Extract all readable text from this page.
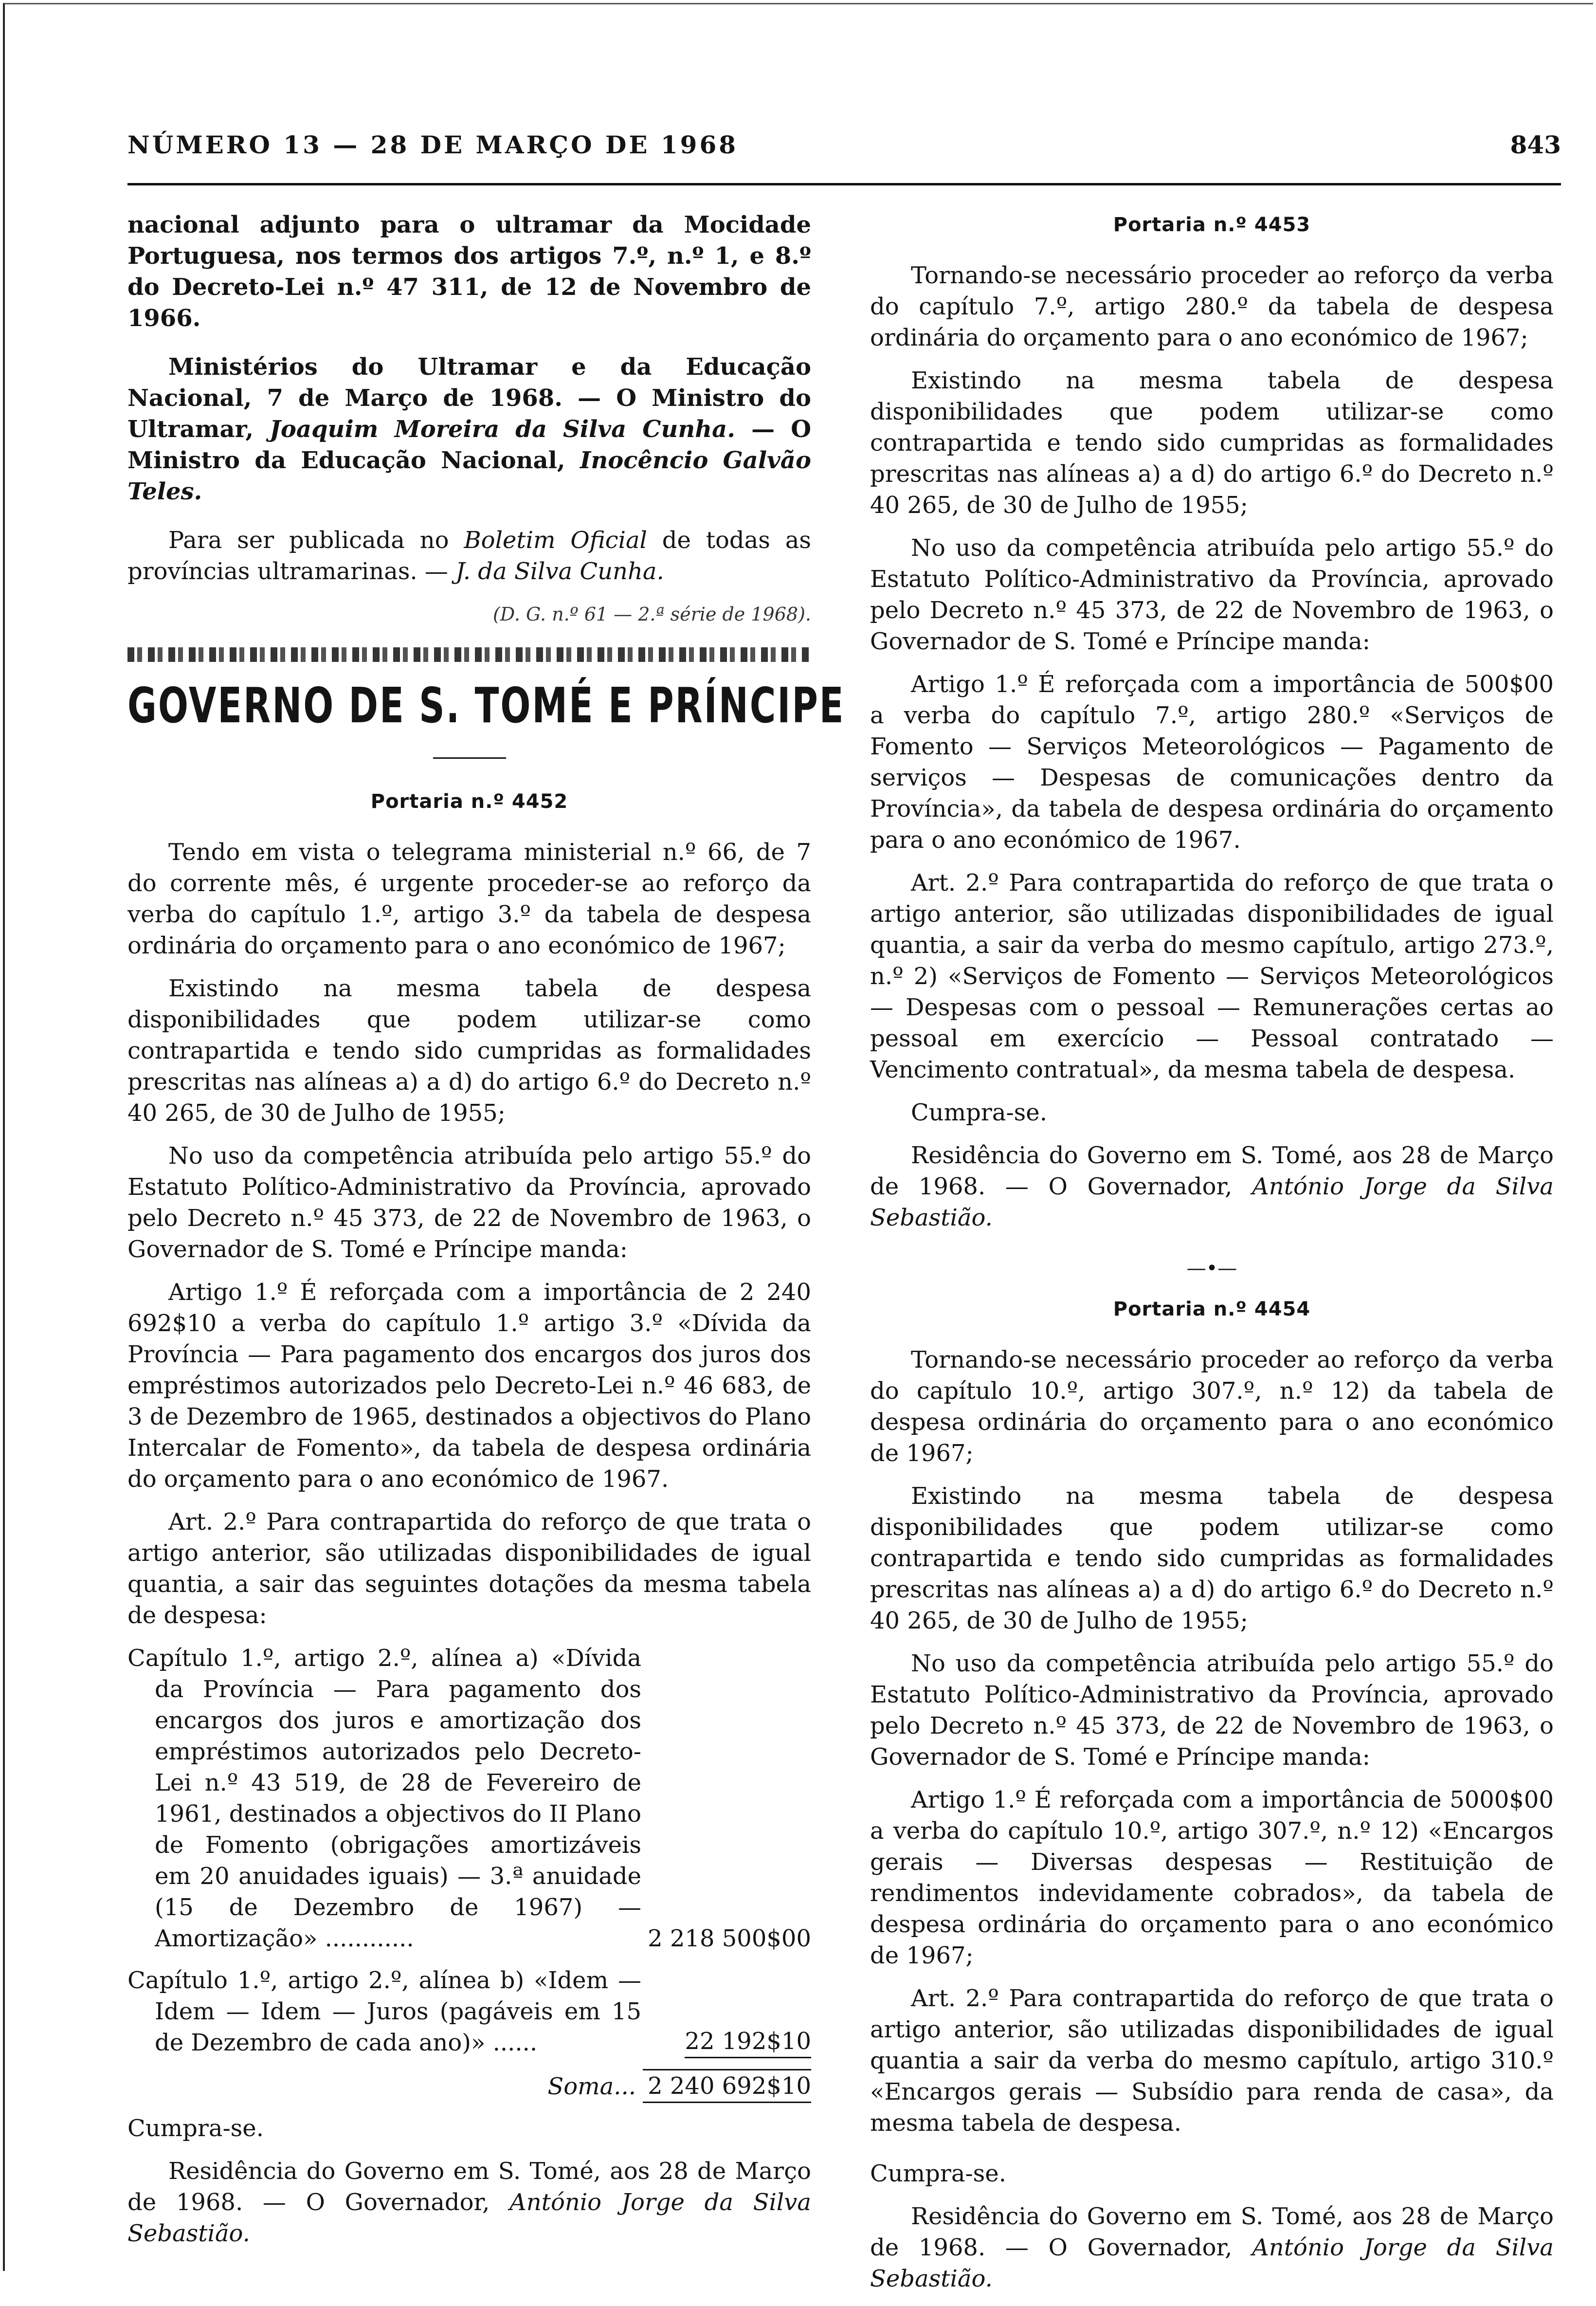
NÚMERO 13 — 28 DE MARÇO DE 1968	843

nacional adjunto para o ultramar da Mocidade Portuguesa, nos termos dos artigos 7.º, n.º 1, e 8.º do Decreto-Lei n.º 47 311, de 12 de Novembro de 1966.

Ministérios do Ultramar e da Educação Nacional, 7 de Março de 1968. — O Ministro do Ultramar, Joaquim Moreira da Silva Cunha. — O Ministro da Educação Nacional, Inocêncio Galvão Teles.

Para ser publicada no Boletim Oficial de todas as províncias ultramarinas. — J. da Silva Cunha.

(D. G. n.º 61 — 2.ª série de 1968).

GOVERNO DE S. TOMÉ E PRÍNCIPE
Portaria n.º 4452

Tendo em vista o telegrama ministerial n.º 66, de 7 do corrente mês, é urgente proceder-se ao reforço da verba do capítulo 1.º, artigo 3.º da tabela de despesa ordinária do orçamento para o ano económico de 1967;

Existindo na mesma tabela de despesa disponibilidades que podem utilizar-se como contrapartida e tendo sido cumpridas as formalidades prescritas nas alíneas a) a d) do artigo 6.º do Decreto n.º 40 265, de 30 de Julho de 1955;

No uso da competência atribuída pelo artigo 55.º do Estatuto Político-Administrativo da Província, aprovado pelo Decreto n.º 45 373, de 22 de Novembro de 1963, o Governador de S. Tomé e Príncipe manda:

Artigo 1.º É reforçada com a importância de 2 240 692$10 a verba do capítulo 1.º artigo 3.º «Dívida da Província — Para pagamento dos encargos dos juros dos empréstimos autorizados pelo Decreto-Lei n.º 46 683, de 3 de Dezembro de 1965, destinados a objectivos do Plano Intercalar de Fomento», da tabela de despesa ordinária do orçamento para o ano económico de 1967.

Art. 2.º Para contrapartida do reforço de que trata o artigo anterior, são utilizadas disponibilidades de igual quantia, a sair das seguintes dotações da mesma tabela de despesa:

Capítulo 1.º, artigo 2.º, alínea a) «Dívida da Província — Para pagamento dos encargos dos juros e amortização dos empréstimos autorizados pelo Decreto-Lei n.º 43 519, de 28 de Fevereiro de 1961, destinados a objectivos do II Plano de Fomento (obrigações amortizáveis em 20 anuidades iguais) — 3.ª anuidade (15 de Dezembro de 1967) — Amortização» ............	2 218 500$00
Capítulo 1.º, artigo 2.º, alínea b) «Idem — Idem — Idem — Juros (pagáveis em 15 de Dezembro de cada ano)» ......	22 192$10
Soma... 2 240 692$10

Cumpra-se.

Residência do Governo em S. Tomé, aos 28 de Março de 1968. — O Governador, António Jorge da Silva Sebastião.

Portaria n.º 4453

Tornando-se necessário proceder ao reforço da verba do capítulo 7.º, artigo 280.º da tabela de despesa ordinária do orçamento para o ano económico de 1967;

Existindo na mesma tabela de despesa disponibilidades que podem utilizar-se como contrapartida e tendo sido cumpridas as formalidades prescritas nas alíneas a) a d) do artigo 6.º do Decreto n.º 40 265, de 30 de Julho de 1955;

No uso da competência atribuída pelo artigo 55.º do Estatuto Político-Administrativo da Província, aprovado pelo Decreto n.º 45 373, de 22 de Novembro de 1963, o Governador de S. Tomé e Príncipe manda:

Artigo 1.º É reforçada com a importância de 500$00 a verba do capítulo 7.º, artigo 280.º «Serviços de Fomento — Serviços Meteorológicos — Pagamento de serviços — Despesas de comunicações dentro da Província», da tabela de despesa ordinária do orçamento para o ano económico de 1967.

Art. 2.º Para contrapartida do reforço de que trata o artigo anterior, são utilizadas disponibilidades de igual quantia, a sair da verba do mesmo capítulo, artigo 273.º, n.º 2) «Serviços de Fomento — Serviços Meteorológicos — Despesas com o pessoal — Remunerações certas ao pessoal em exercício — Pessoal contratado — Vencimento contratual», da mesma tabela de despesa.

Cumpra-se.

Residência do Governo em S. Tomé, aos 28 de Março de 1968. — O Governador, António Jorge da Silva Sebastião.

—•—
Portaria n.º 4454

Tornando-se necessário proceder ao reforço da verba do capítulo 10.º, artigo 307.º, n.º 12) da tabela de despesa ordinária do orçamento para o ano económico de 1967;

Existindo na mesma tabela de despesa disponibilidades que podem utilizar-se como contrapartida e tendo sido cumpridas as formalidades prescritas nas alíneas a) a d) do artigo 6.º do Decreto n.º 40 265, de 30 de Julho de 1955;

No uso da competência atribuída pelo artigo 55.º do Estatuto Político-Administrativo da Província, aprovado pelo Decreto n.º 45 373, de 22 de Novembro de 1963, o Governador de S. Tomé e Príncipe manda:

Artigo 1.º É reforçada com a importância de 5000$00 a verba do capítulo 10.º, artigo 307.º, n.º 12) «Encargos gerais — Diversas despesas — Restituição de rendimentos indevidamente cobrados», da tabela de despesa ordinária do orçamento para o ano económico de 1967;

Art. 2.º Para contrapartida do reforço de que trata o artigo anterior, são utilizadas disponibilidades de igual quantia a sair da verba do mesmo capítulo, artigo 310.º «Encargos gerais — Subsídio para renda de casa», da mesma tabela de despesa.

Cumpra-se.

Residência do Governo em S. Tomé, aos 28 de Março de 1968. — O Governador, António Jorge da Silva Sebastião.
